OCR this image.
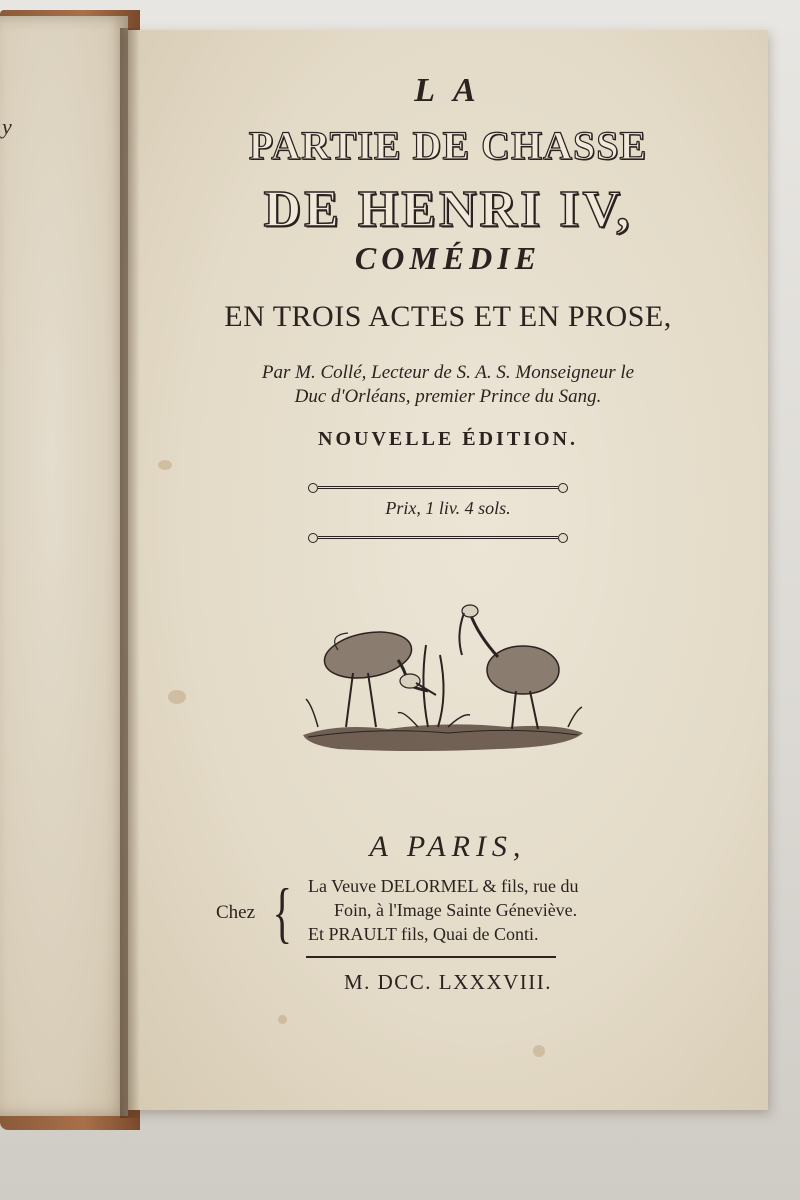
y
L A
PARTIE DE CHASSE
DE HENRI IV,
COMÉDIE
EN TROIS ACTES ET EN PROSE,
Par M. Collé, Lecteur de S. A. S. Monseigneur le
Duc d'Orléans, premier Prince du Sang.
NOUVELLE ÉDITION.
Prix, 1 liv. 4 sols.
A PARIS,
Chez { La Veuve DELORMEL & fils, rue du
Foin, à l'Image Sainte Géneviève.
Et PRAULT fils, Quai de Conti.
M. DCC. LXXXVIII.
